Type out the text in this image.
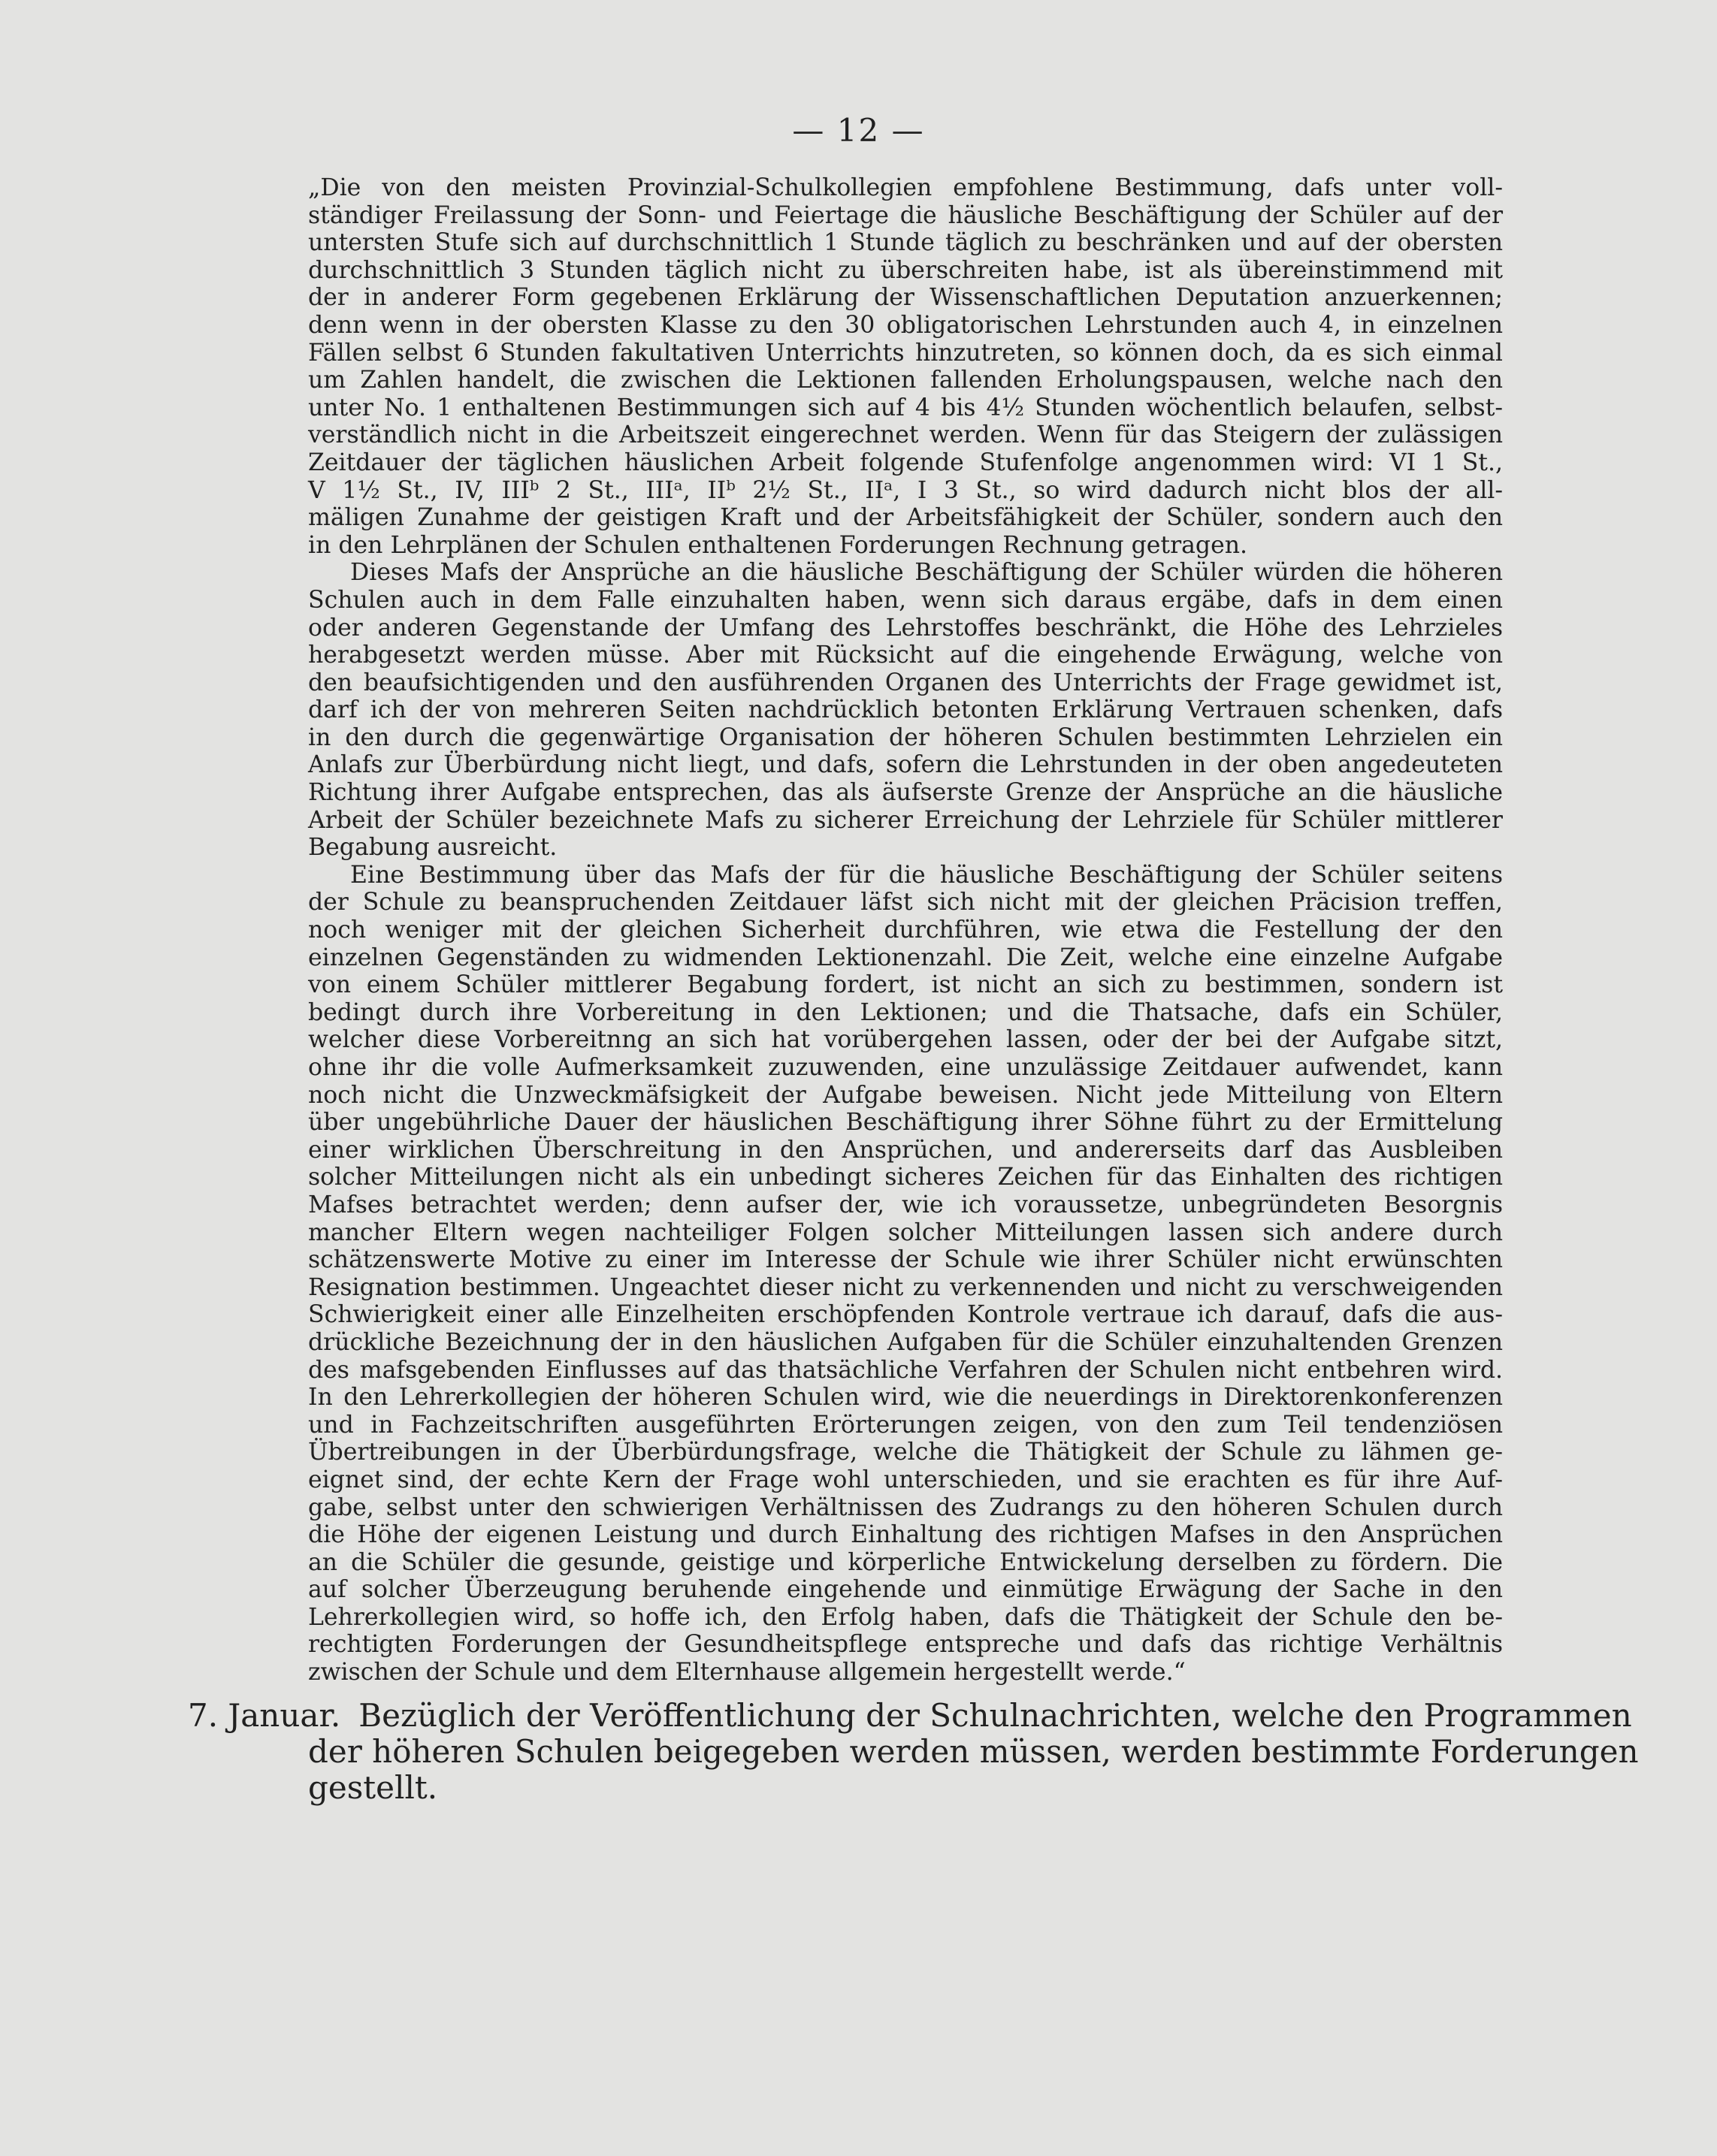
— 12 —
„Die von den meisten Provinzial-Schulkollegien empfohlene Bestimmung, dafs unter voll-
ständiger Freilassung der Sonn- und Feiertage die häusliche Beschäftigung der Schüler auf der
untersten Stufe sich auf durchschnittlich 1 Stunde täglich zu beschränken und auf der obersten
durchschnittlich 3 Stunden täglich nicht zu überschreiten habe, ist als übereinstimmend mit
der in anderer Form gegebenen Erklärung der Wissenschaftlichen Deputation anzuerkennen;
denn wenn in der obersten Klasse zu den 30 obligatorischen Lehrstunden auch 4, in einzelnen
Fällen selbst 6 Stunden fakultativen Unterrichts hinzutreten, so können doch, da es sich einmal
um Zahlen handelt, die zwischen die Lektionen fallenden Erholungspausen, welche nach den
unter No. 1 enthaltenen Bestimmungen sich auf 4 bis 4½ Stunden wöchentlich belaufen, selbst-
verständlich nicht in die Arbeitszeit eingerechnet werden. Wenn für das Steigern der zulässigen
Zeitdauer der täglichen häuslichen Arbeit folgende Stufenfolge angenommen wird: VI 1 St.,
V 1½ St., IV, IIIᵇ 2 St., IIIᵃ, IIᵇ 2½ St., IIᵃ, I 3 St., so wird dadurch nicht blos der all-
mäligen Zunahme der geistigen Kraft und der Arbeitsfähigkeit der Schüler, sondern auch den
in den Lehrplänen der Schulen enthaltenen Forderungen Rechnung getragen.
Dieses Mafs der Ansprüche an die häusliche Beschäftigung der Schüler würden die höheren
Schulen auch in dem Falle einzuhalten haben, wenn sich daraus ergäbe, dafs in dem einen
oder anderen Gegenstande der Umfang des Lehrstoffes beschränkt, die Höhe des Lehrzieles
herabgesetzt werden müsse. Aber mit Rücksicht auf die eingehende Erwägung, welche von
den beaufsichtigenden und den ausführenden Organen des Unterrichts der Frage gewidmet ist,
darf ich der von mehreren Seiten nachdrücklich betonten Erklärung Vertrauen schenken, dafs
in den durch die gegenwärtige Organisation der höheren Schulen bestimmten Lehrzielen ein
Anlafs zur Überbürdung nicht liegt, und dafs, sofern die Lehrstunden in der oben angedeuteten
Richtung ihrer Aufgabe entsprechen, das als äufserste Grenze der Ansprüche an die häusliche
Arbeit der Schüler bezeichnete Mafs zu sicherer Erreichung der Lehrziele für Schüler mittlerer
Begabung ausreicht.
Eine Bestimmung über das Mafs der für die häusliche Beschäftigung der Schüler seitens
der Schule zu beanspruchenden Zeitdauer läfst sich nicht mit der gleichen Präcision treffen,
noch weniger mit der gleichen Sicherheit durchführen, wie etwa die Festellung der den
einzelnen Gegenständen zu widmenden Lektionenzahl. Die Zeit, welche eine einzelne Aufgabe
von einem Schüler mittlerer Begabung fordert, ist nicht an sich zu bestimmen, sondern ist
bedingt durch ihre Vorbereitung in den Lektionen; und die Thatsache, dafs ein Schüler,
welcher diese Vorbereitnng an sich hat vorübergehen lassen, oder der bei der Aufgabe sitzt,
ohne ihr die volle Aufmerksamkeit zuzuwenden, eine unzulässige Zeitdauer aufwendet, kann
noch nicht die Unzweckmäfsigkeit der Aufgabe beweisen. Nicht jede Mitteilung von Eltern
über ungebührliche Dauer der häuslichen Beschäftigung ihrer Söhne führt zu der Ermittelung
einer wirklichen Überschreitung in den Ansprüchen, und andererseits darf das Ausbleiben
solcher Mitteilungen nicht als ein unbedingt sicheres Zeichen für das Einhalten des richtigen
Mafses betrachtet werden; denn aufser der, wie ich voraussetze, unbegründeten Besorgnis
mancher Eltern wegen nachteiliger Folgen solcher Mitteilungen lassen sich andere durch
schätzenswerte Motive zu einer im Interesse der Schule wie ihrer Schüler nicht erwünschten
Resignation bestimmen. Ungeachtet dieser nicht zu verkennenden und nicht zu verschweigenden
Schwierigkeit einer alle Einzelheiten erschöpfenden Kontrole vertraue ich darauf, dafs die aus-
drückliche Bezeichnung der in den häuslichen Aufgaben für die Schüler einzuhaltenden Grenzen
des mafsgebenden Einflusses auf das thatsächliche Verfahren der Schulen nicht entbehren wird.
In den Lehrerkollegien der höheren Schulen wird, wie die neuerdings in Direktorenkonferenzen
und in Fachzeitschriften ausgeführten Erörterungen zeigen, von den zum Teil tendenziösen
Übertreibungen in der Überbürdungsfrage, welche die Thätigkeit der Schule zu lähmen ge-
eignet sind, der echte Kern der Frage wohl unterschieden, und sie erachten es für ihre Auf-
gabe, selbst unter den schwierigen Verhältnissen des Zudrangs zu den höheren Schulen durch
die Höhe der eigenen Leistung und durch Einhaltung des richtigen Mafses in den Ansprüchen
an die Schüler die gesunde, geistige und körperliche Entwickelung derselben zu fördern. Die
auf solcher Überzeugung beruhende eingehende und einmütige Erwägung der Sache in den
Lehrerkollegien wird, so hoffe ich, den Erfolg haben, dafs die Thätigkeit der Schule den be-
rechtigten Forderungen der Gesundheitspflege entspreche und dafs das richtige Verhältnis
zwischen der Schule und dem Elternhause allgemein hergestellt werde.“
7. Januar. Bezüglich der Veröffentlichung der Schulnachrichten, welche den Programmen
der höheren Schulen beigegeben werden müssen, werden bestimmte Forderungen
gestellt.
